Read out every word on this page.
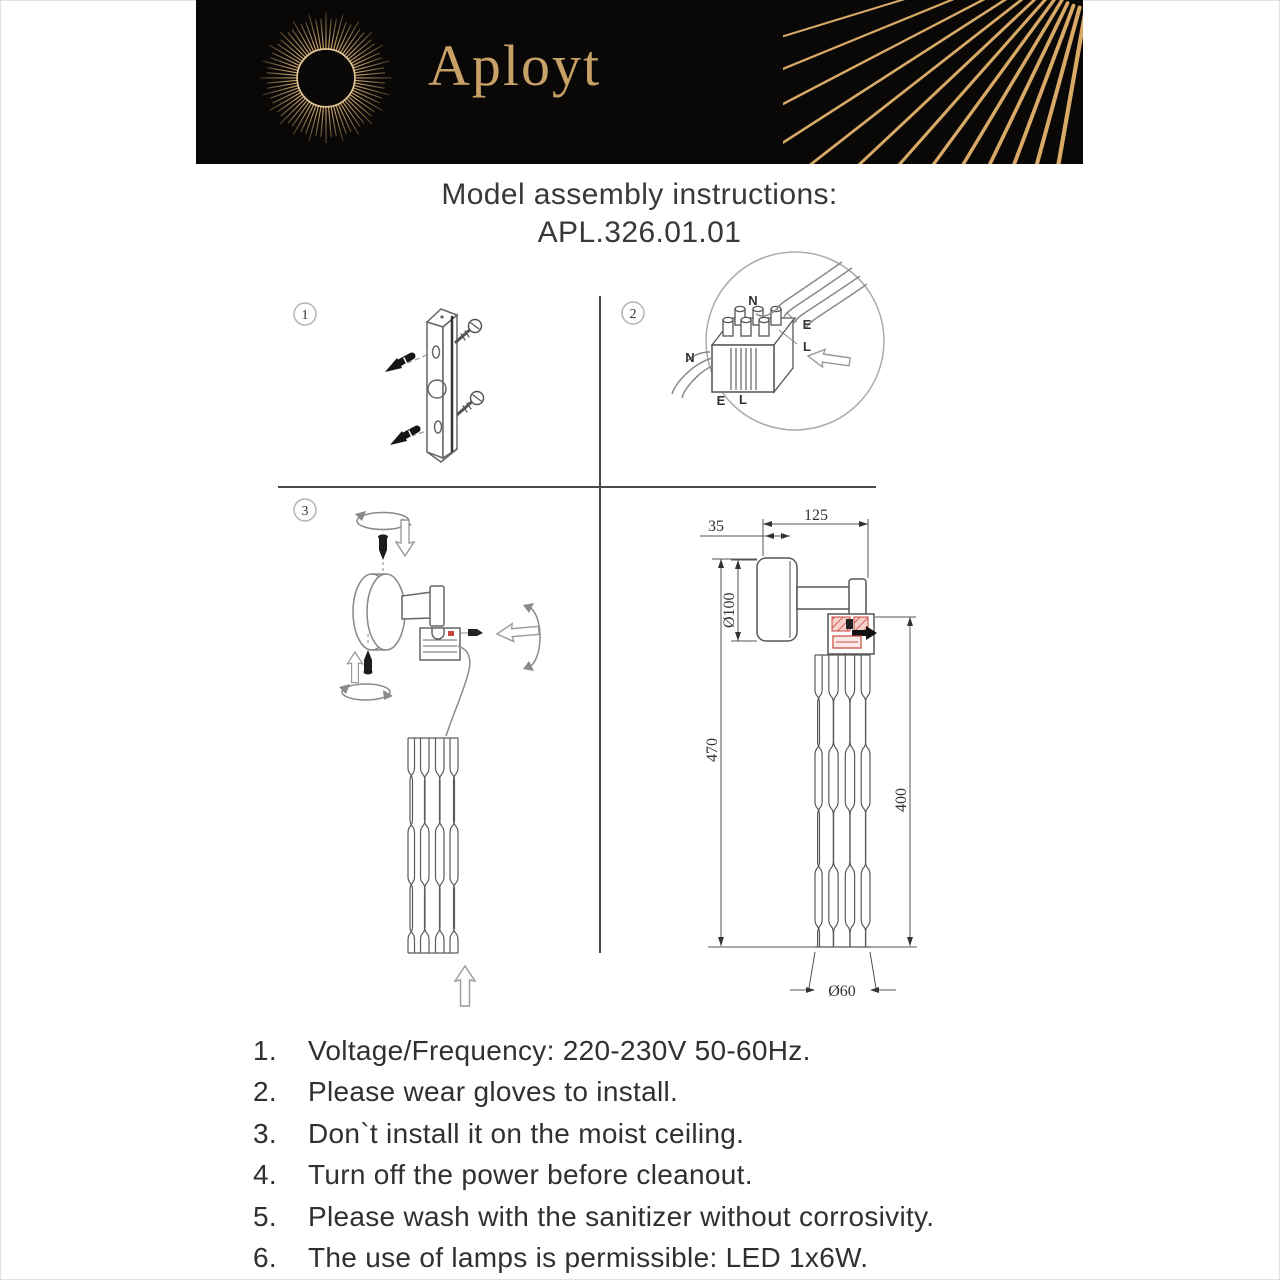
Aployt
Model assembly instructions:
APL.326.01.01
1	2
N
E
L
N
E L
3
35
125
Ø100
470
400
Ø60
1.	Voltage/Frequency: 220-230V 50-60Hz.
2.	Please wear gloves to install.
3.	Don`t install it on the moist ceiling.
4.	Turn off the power before cleanout.
5.	Please wash with the sanitizer without corrosivity.
6.	The use of lamps is permissible: LED 1x6W.
